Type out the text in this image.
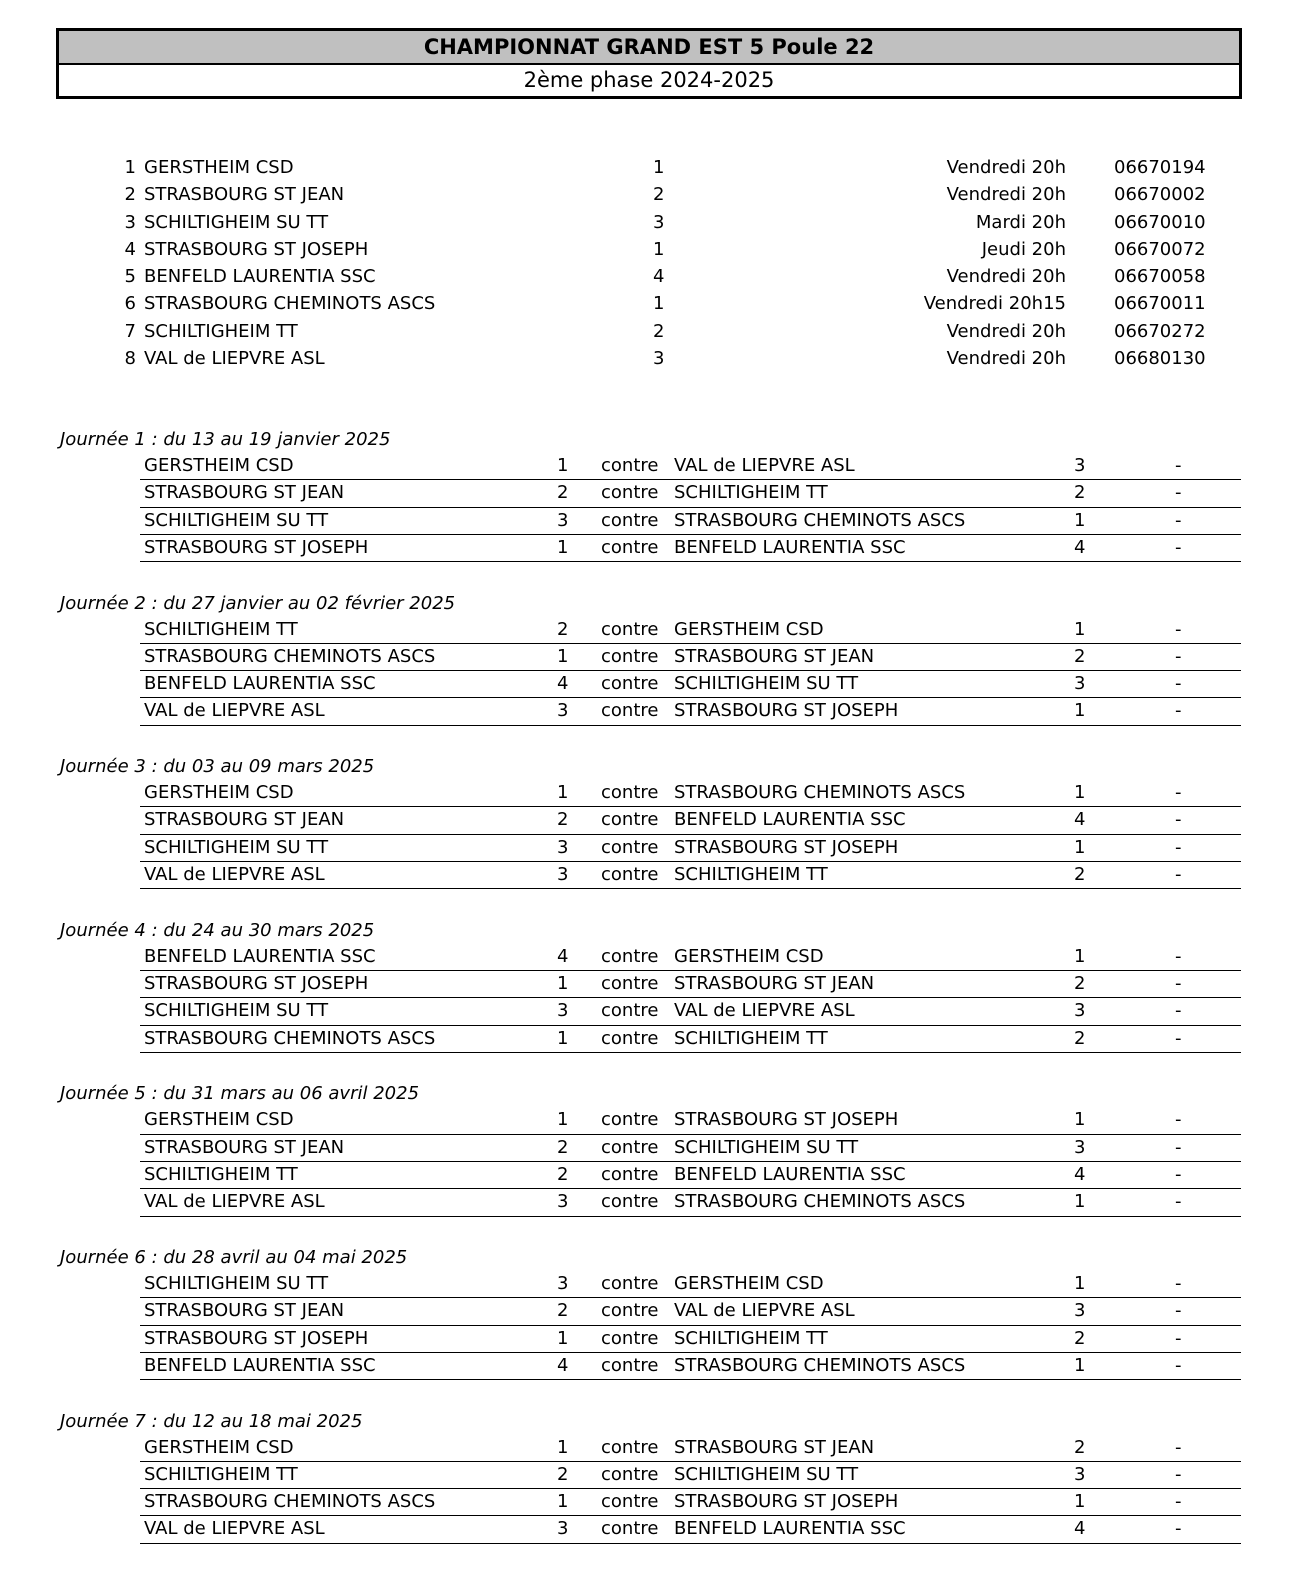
CHAMPIONNAT GRAND EST 5 Poule 22
2ème phase 2024-2025
1 GERSTHEIM CSD	1	Vendredi 20h	06670194
2 STRASBOURG ST JEAN	2	Vendredi 20h	06670002
3 SCHILTIGHEIM SU TT	3	Mardi 20h	06670010
4 STRASBOURG ST JOSEPH	1	Jeudi 20h	06670072
5 BENFELD LAURENTIA SSC	4	Vendredi 20h	06670058
6 STRASBOURG CHEMINOTS ASCS	1	Vendredi 20h15	06670011
7 SCHILTIGHEIM TT	2	Vendredi 20h	06670272
8 VAL de LIEPVRE ASL	3	Vendredi 20h	06680130
Journée 1 : du 13 au 19 janvier 2025
GERSTHEIM CSD	1 contre VAL de LIEPVRE ASL	3	-
STRASBOURG ST JEAN	2 contre SCHILTIGHEIM TT	2	-
SCHILTIGHEIM SU TT	3 contre STRASBOURG CHEMINOTS ASCS	1	-
STRASBOURG ST JOSEPH	1 contre BENFELD LAURENTIA SSC	4	-
Journée 2 : du 27 janvier au 02 février 2025
SCHILTIGHEIM TT	2 contre GERSTHEIM CSD	1	-
STRASBOURG CHEMINOTS ASCS	1 contre STRASBOURG ST JEAN	2	-
BENFELD LAURENTIA SSC	4 contre SCHILTIGHEIM SU TT	3	-
VAL de LIEPVRE ASL	3 contre STRASBOURG ST JOSEPH	1	-
Journée 3 : du 03 au 09 mars 2025
GERSTHEIM CSD	1 contre STRASBOURG CHEMINOTS ASCS	1	-
STRASBOURG ST JEAN	2 contre BENFELD LAURENTIA SSC	4	-
SCHILTIGHEIM SU TT	3 contre STRASBOURG ST JOSEPH	1	-
VAL de LIEPVRE ASL	3 contre SCHILTIGHEIM TT	2	-
Journée 4 : du 24 au 30 mars 2025
BENFELD LAURENTIA SSC	4 contre GERSTHEIM CSD	1	-
STRASBOURG ST JOSEPH	1 contre STRASBOURG ST JEAN	2	-
SCHILTIGHEIM SU TT	3 contre VAL de LIEPVRE ASL	3	-
STRASBOURG CHEMINOTS ASCS	1 contre SCHILTIGHEIM TT	2	-
Journée 5 : du 31 mars au 06 avril 2025
GERSTHEIM CSD	1 contre STRASBOURG ST JOSEPH	1	-
STRASBOURG ST JEAN	2 contre SCHILTIGHEIM SU TT	3	-
SCHILTIGHEIM TT	2 contre BENFELD LAURENTIA SSC	4	-
VAL de LIEPVRE ASL	3 contre STRASBOURG CHEMINOTS ASCS	1	-
Journée 6 : du 28 avril au 04 mai 2025
SCHILTIGHEIM SU TT	3 contre GERSTHEIM CSD	1	-
STRASBOURG ST JEAN	2 contre VAL de LIEPVRE ASL	3	-
STRASBOURG ST JOSEPH	1 contre SCHILTIGHEIM TT	2	-
BENFELD LAURENTIA SSC	4 contre STRASBOURG CHEMINOTS ASCS	1	-
Journée 7 : du 12 au 18 mai 2025
GERSTHEIM CSD	1 contre STRASBOURG ST JEAN	2	-
SCHILTIGHEIM TT	2 contre SCHILTIGHEIM SU TT	3	-
STRASBOURG CHEMINOTS ASCS	1 contre STRASBOURG ST JOSEPH	1	-
VAL de LIEPVRE ASL	3 contre BENFELD LAURENTIA SSC	4	-
